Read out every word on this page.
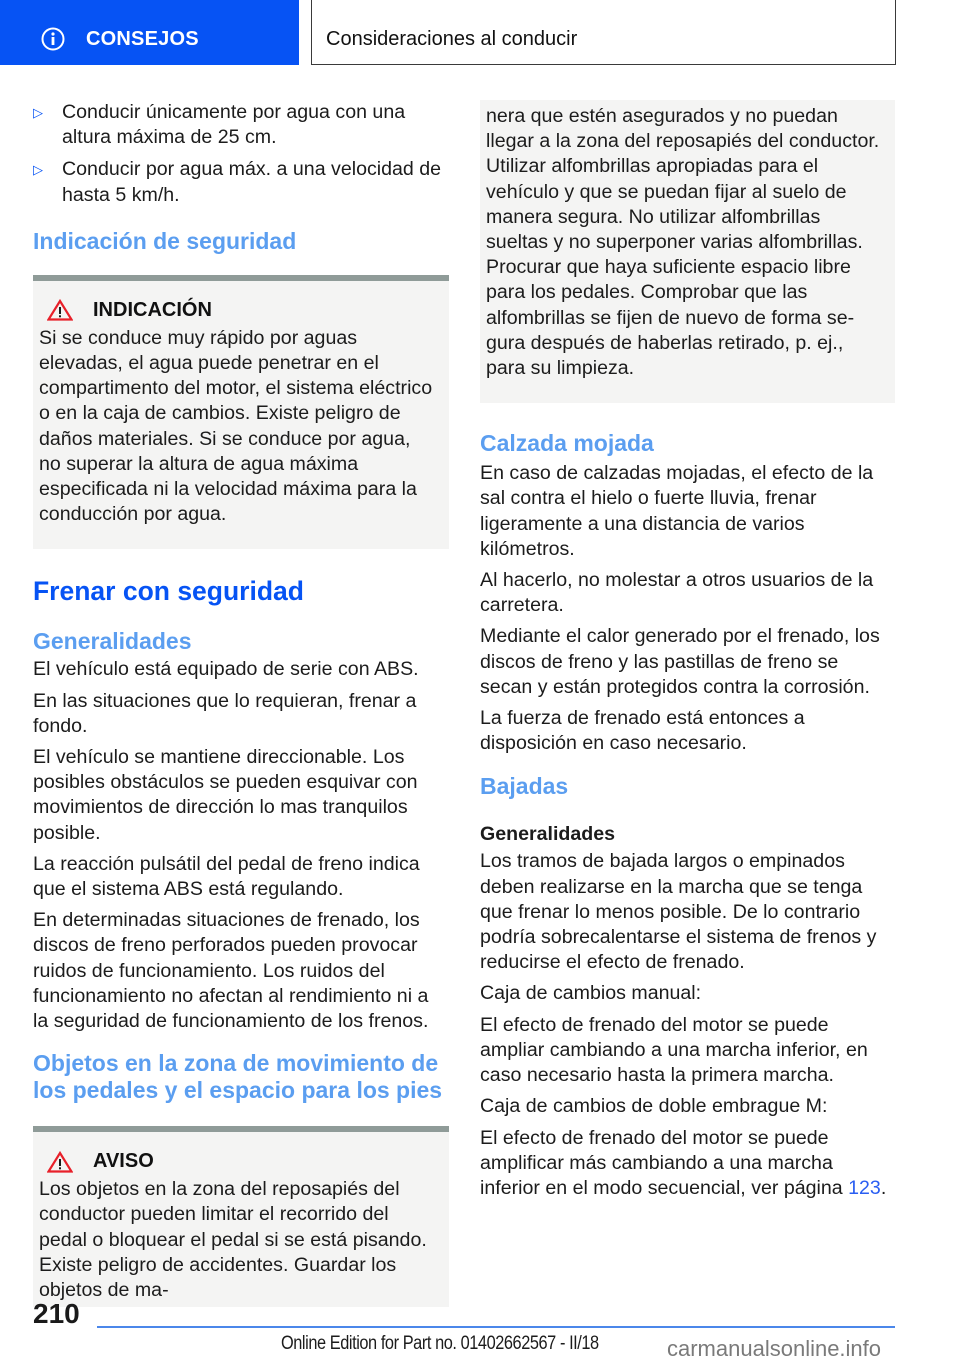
CONSEJOS	Consideraciones al conducir
▷ Conducir únicamente por agua con una altura máxima de 25 cm.
▷ Conducir por agua máx. a una velocidad de hasta 5 km/h.
Indicación de seguridad
INDICACIÓN
Si se conduce muy rápido por aguas elevadas, el agua puede penetrar en el compartimento del motor, el sistema eléctrico o en la caja de cambios. Existe peligro de daños materiales. Si se conduce por agua, no superar la altura de agua máxima especificada ni la velocidad máxima para la conducción por agua.
Frenar con seguridad
Generalidades
El vehículo está equipado de serie con ABS.
En las situaciones que lo requieran, frenar a fondo.
El vehículo se mantiene direccionable. Los posibles obstáculos se pueden esquivar con movimientos de dirección lo mas tranquilos posible.
La reacción pulsátil del pedal de freno indica que el sistema ABS está regulando.
En determinadas situaciones de frenado, los discos de freno perforados pueden provocar ruidos de funcionamiento. Los ruidos del funcionamiento no afectan al rendimiento ni a la seguridad de funcionamiento de los frenos.
Objetos en la zona de movimiento de los pedales y el espacio para los pies
AVISO
Los objetos en la zona del reposapiés del conductor pueden limitar el recorrido del pedal o bloquear el pedal si se está pisando. Existe peligro de accidentes. Guardar los objetos de ma-
nera que estén asegurados y no puedan llegar a la zona del reposapiés del conductor. Utilizar alfombrillas apropiadas para el vehículo y que se puedan fijar al suelo de manera segura. No utilizar alfombrillas sueltas y no superponer varias alfombrillas. Procurar que haya suficiente espacio libre para los pedales. Comprobar que las alfombrillas se fijen de nuevo de forma segura después de haberlas retirado, p. ej., para su limpieza.
Calzada mojada
En caso de calzadas mojadas, el efecto de la sal contra el hielo o fuerte lluvia, frenar ligeramente a una distancia de varios kilómetros.
Al hacerlo, no molestar a otros usuarios de la carretera.
Mediante el calor generado por el frenado, los discos de freno y las pastillas de freno se secan y están protegidos contra la corrosión.
La fuerza de frenado está entonces a disposición en caso necesario.
Bajadas
Generalidades
Los tramos de bajada largos o empinados deben realizarse en la marcha que se tenga que frenar lo menos posible. De lo contrario podría sobrecalentarse el sistema de frenos y reducirse el efecto de frenado.
Caja de cambios manual:
El efecto de frenado del motor se puede ampliar cambiando a una marcha inferior, en caso necesario hasta la primera marcha.
Caja de cambios de doble embrague M:
El efecto de frenado del motor se puede amplificar más cambiando a una marcha inferior en el modo secuencial, ver página 123.
210
Online Edition for Part no. 01402662567 - II/18	carmanualsonline.info
